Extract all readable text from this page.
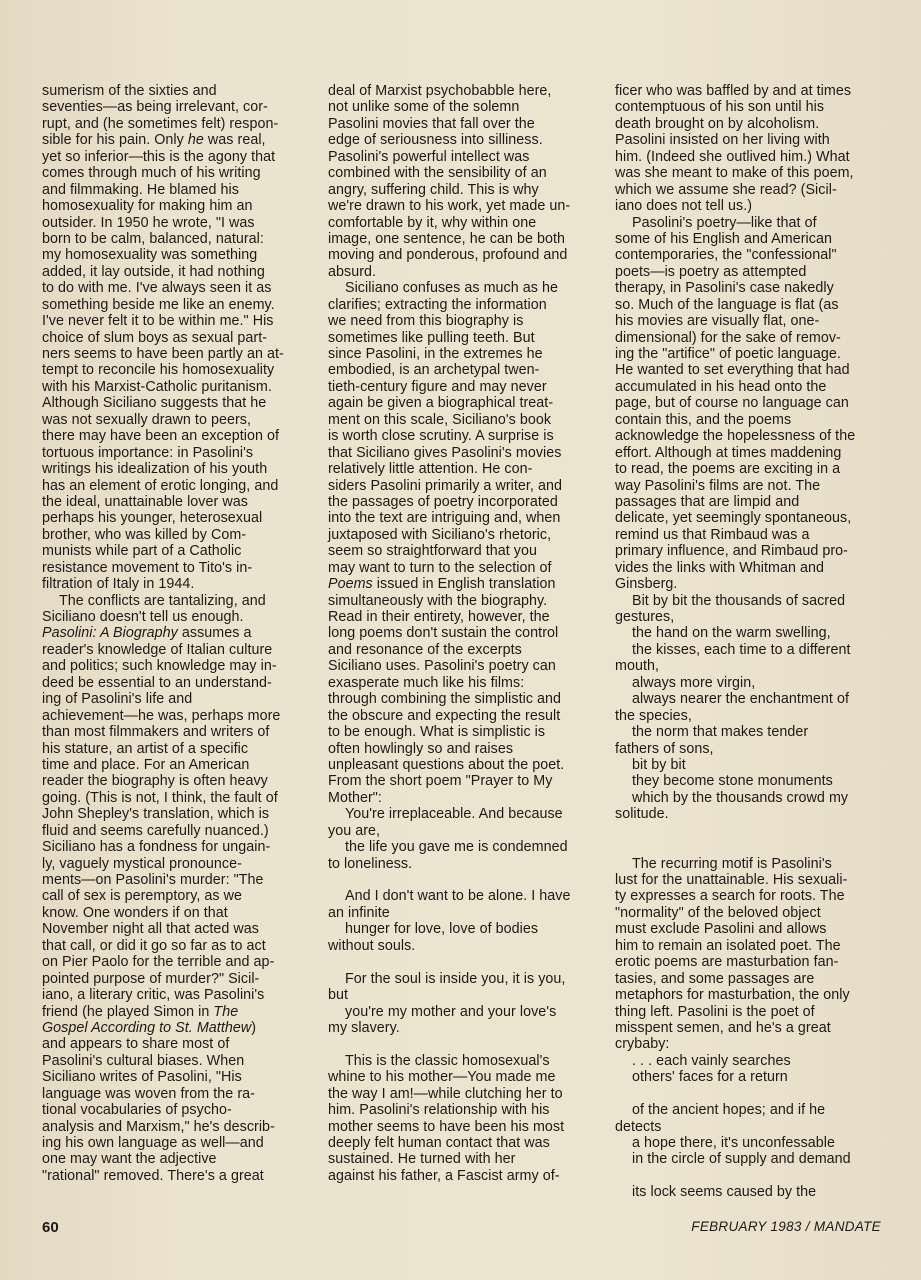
sumerism of the sixties and
seventies—as being irrelevant, cor-
rupt, and (he sometimes felt) respon-
sible for his pain. Only he was real,
yet so inferior—this is the agony that
comes through much of his writing
and filmmaking. He blamed his
homosexuality for making him an
outsider. In 1950 he wrote, "I was
born to be calm, balanced, natural:
my homosexuality was something
added, it lay outside, it had nothing
to do with me. I've always seen it as
something beside me like an enemy.
I've never felt it to be within me." His
choice of slum boys as sexual part-
ners seems to have been partly an at-
tempt to reconcile his homosexuality
with his Marxist-Catholic puritanism.
Although Siciliano suggests that he
was not sexually drawn to peers,
there may have been an exception of
tortuous importance: in Pasolini's
writings his idealization of his youth
has an element of erotic longing, and
the ideal, unattainable lover was
perhaps his younger, heterosexual
brother, who was killed by Com-
munists while part of a Catholic
resistance movement to Tito's in-
filtration of Italy in 1944.
The conflicts are tantalizing, and
Siciliano doesn't tell us enough.
Pasolini: A Biography assumes a
reader's knowledge of Italian culture
and politics; such knowledge may in-
deed be essential to an understand-
ing of Pasolini's life and
achievement—he was, perhaps more
than most filmmakers and writers of
his stature, an artist of a specific
time and place. For an American
reader the biography is often heavy
going. (This is not, I think, the fault of
John Shepley's translation, which is
fluid and seems carefully nuanced.)
Siciliano has a fondness for ungain-
ly, vaguely mystical pronounce-
ments—on Pasolini's murder: "The
call of sex is peremptory, as we
know. One wonders if on that
November night all that acted was
that call, or did it go so far as to act
on Pier Paolo for the terrible and ap-
pointed purpose of murder?" Sicil-
iano, a literary critic, was Pasolini's
friend (he played Simon in The
Gospel According to St. Matthew)
and appears to share most of
Pasolini's cultural biases. When
Siciliano writes of Pasolini, "His
language was woven from the ra-
tional vocabularies of psycho-
analysis and Marxism," he's describ-
ing his own language as well—and
one may want the adjective
"rational" removed. There's a great
deal of Marxist psychobabble here,
not unlike some of the solemn
Pasolini movies that fall over the
edge of seriousness into silliness.
Pasolini's powerful intellect was
combined with the sensibility of an
angry, suffering child. This is why
we're drawn to his work, yet made un-
comfortable by it, why within one
image, one sentence, he can be both
moving and ponderous, profound and
absurd.
Siciliano confuses as much as he
clarifies; extracting the information
we need from this biography is
sometimes like pulling teeth. But
since Pasolini, in the extremes he
embodied, is an archetypal twen-
tieth-century figure and may never
again be given a biographical treat-
ment on this scale, Siciliano's book
is worth close scrutiny. A surprise is
that Siciliano gives Pasolini's movies
relatively little attention. He con-
siders Pasolini primarily a writer, and
the passages of poetry incorporated
into the text are intriguing and, when
juxtaposed with Siciliano's rhetoric,
seem so straightforward that you
may want to turn to the selection of
Poems issued in English translation
simultaneously with the biography.
Read in their entirety, however, the
long poems don't sustain the control
and resonance of the excerpts
Siciliano uses. Pasolini's poetry can
exasperate much like his films:
through combining the simplistic and
the obscure and expecting the result
to be enough. What is simplistic is
often howlingly so and raises
unpleasant questions about the poet.
From the short poem "Prayer to My
Mother":
You're irreplaceable. And because
you are,
the life you gave me is condemned
to loneliness.
And I don't want to be alone. I have
an infinite
hunger for love, love of bodies
without souls.
For the soul is inside you, it is you,
but
you're my mother and your love's
my slavery.
This is the classic homosexual's
whine to his mother—You made me
the way I am!—while clutching her to
him. Pasolini's relationship with his
mother seems to have been his most
deeply felt human contact that was
sustained. He turned with her
against his father, a Fascist army of-
ficer who was baffled by and at times
contemptuous of his son until his
death brought on by alcoholism.
Pasolini insisted on her living with
him. (Indeed she outlived him.) What
was she meant to make of this poem,
which we assume she read? (Sicil-
iano does not tell us.)
Pasolini's poetry—like that of
some of his English and American
contemporaries, the "confessional"
poets—is poetry as attempted
therapy, in Pasolini's case nakedly
so. Much of the language is flat (as
his movies are visually flat, one-
dimensional) for the sake of remov-
ing the "artifice" of poetic language.
He wanted to set everything that had
accumulated in his head onto the
page, but of course no language can
contain this, and the poems
acknowledge the hopelessness of the
effort. Although at times maddening
to read, the poems are exciting in a
way Pasolini's films are not. The
passages that are limpid and
delicate, yet seemingly spontaneous,
remind us that Rimbaud was a
primary influence, and Rimbaud pro-
vides the links with Whitman and
Ginsberg.
Bit by bit the thousands of sacred
gestures,
the hand on the warm swelling,
the kisses, each time to a different
mouth,
always more virgin,
always nearer the enchantment of
the species,
the norm that makes tender
fathers of sons,
bit by bit
they become stone monuments
which by the thousands crowd my
solitude.
The recurring motif is Pasolini's
lust for the unattainable. His sexuali-
ty expresses a search for roots. The
"normality" of the beloved object
must exclude Pasolini and allows
him to remain an isolated poet. The
erotic poems are masturbation fan-
tasies, and some passages are
metaphors for masturbation, the only
thing left. Pasolini is the poet of
misspent semen, and he's a great
crybaby:
. . . each vainly searches
others' faces for a return
of the ancient hopes; and if he
detects
a hope there, it's unconfessable
in the circle of supply and demand
its lock seems caused by the
60	FEBRUARY 1983 / MANDATE
